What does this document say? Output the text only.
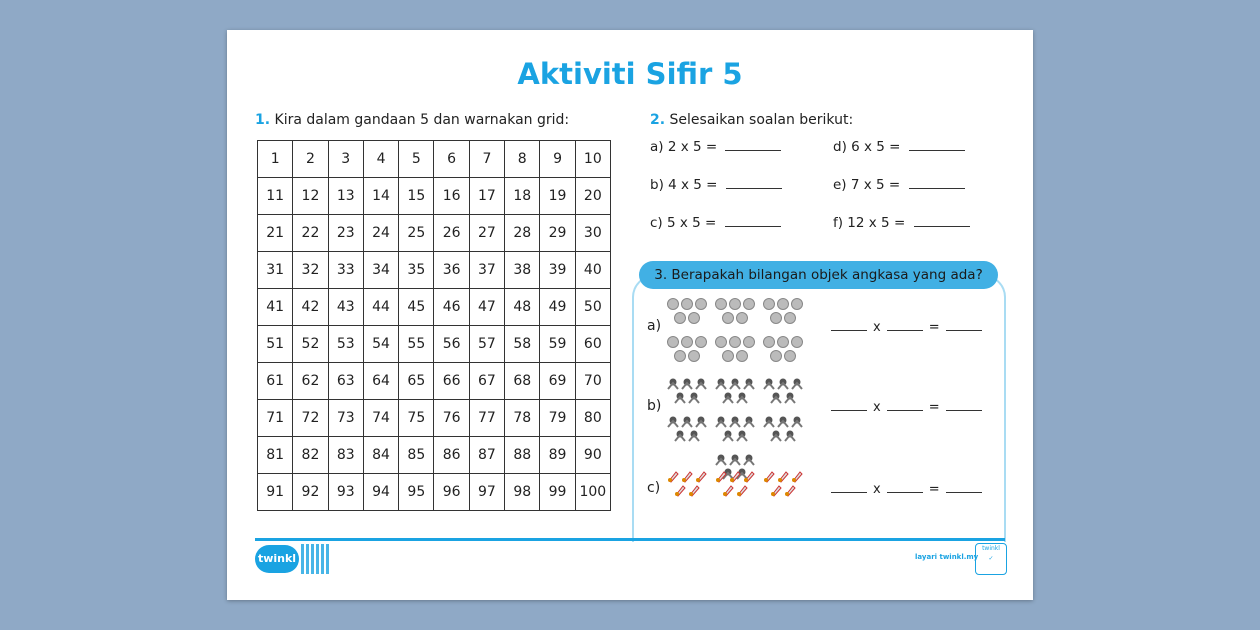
Aktiviti Sifir 5
1. Kira dalam gandaan 5 dan warnakan grid:
1	2	3	4	5	6	7	8	9	10
11	12	13	14	15	16	17	18	19	20
21	22	23	24	25	26	27	28	29	30
31	32	33	34	35	36	37	38	39	40
41	42	43	44	45	46	47	48	49	50
51	52	53	54	55	56	57	58	59	60
61	62	63	64	65	66	67	68	69	70
71	72	73	74	75	76	77	78	79	80
81	82	83	84	85	86	87	88	89	90
91	92	93	94	95	96	97	98	99	100
2. Selesaikan soalan berikut:
a) 2 x 5 =
b) 4 x 5 =
c) 5 x 5 =
d) 6 x 5 =
e) 7 x 5 =
f) 12 x 5 =
3. Berapakah bilangan objek angkasa yang ada?
a)	x	=
b)	x	=
c)	x	=
twinkl	layari twinkl.my
twinkl
✓
